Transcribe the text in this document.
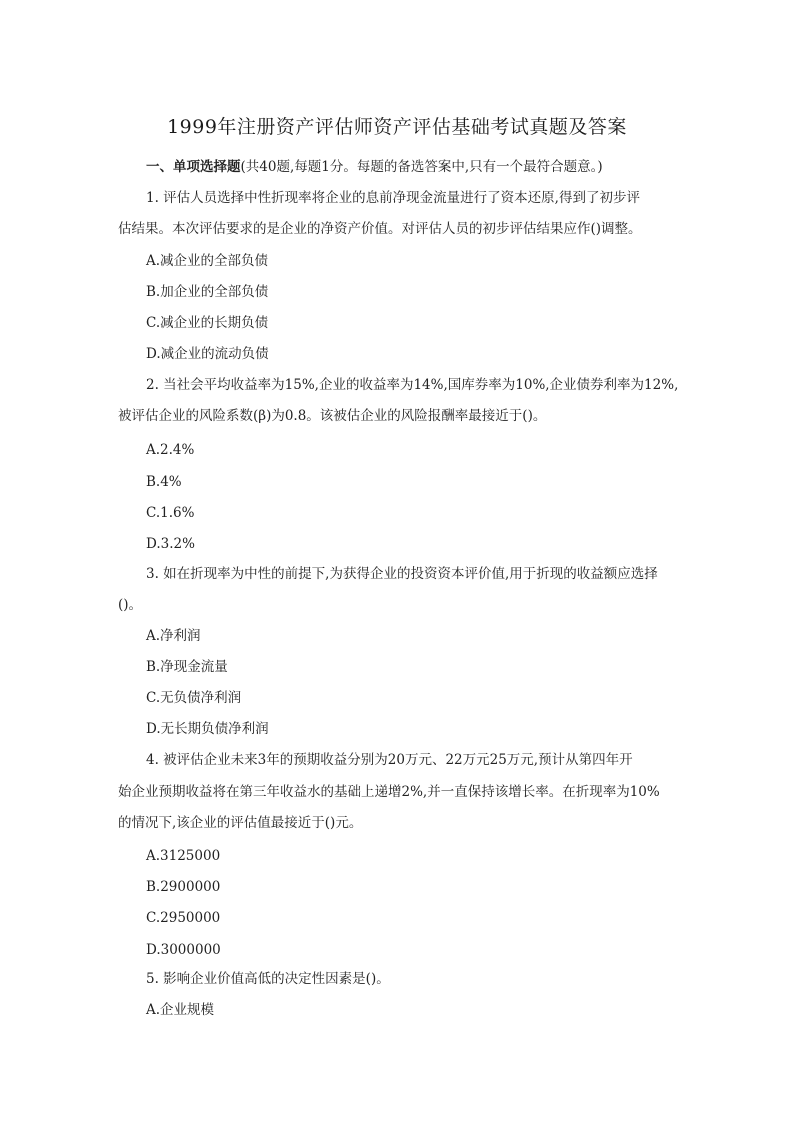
1999年注册资产评估师资产评估基础考试真题及答案
一、单项选择题(共40题,每题1分。每题的备选答案中,只有一个最符合题意。)
1. 评估人员选择中性折现率将企业的息前净现金流量进行了资本还原,得到了初步评
估结果。本次评估要求的是企业的净资产价值。对评估人员的初步评估结果应作()调整。
A.减企业的全部负债
B.加企业的全部负债
C.减企业的长期负债
D.减企业的流动负债
2. 当社会平均收益率为15%,企业的收益率为14%,国库券率为10%,企业债券利率为12%,
被评估企业的风险系数(β)为0.8。该被估企业的风险报酬率最接近于()。
A.2.4%
B.4%
C.1.6%
D.3.2%
3. 如在折现率为中性的前提下,为获得企业的投资资本评价值,用于折现的收益额应选择
()。
A.净利润
B.净现金流量
C.无负债净利润
D.无长期负债净利润
4. 被评估企业未来3年的预期收益分别为20万元、22万元25万元,预计从第四年开
始企业预期收益将在第三年收益水的基础上递增2%,并一直保持该增长率。在折现率为10%
的情况下,该企业的评估值最接近于()元。
A.3125000
B.2900000
C.2950000
D.3000000
5. 影响企业价值高低的决定性因素是()。
A.企业规模
